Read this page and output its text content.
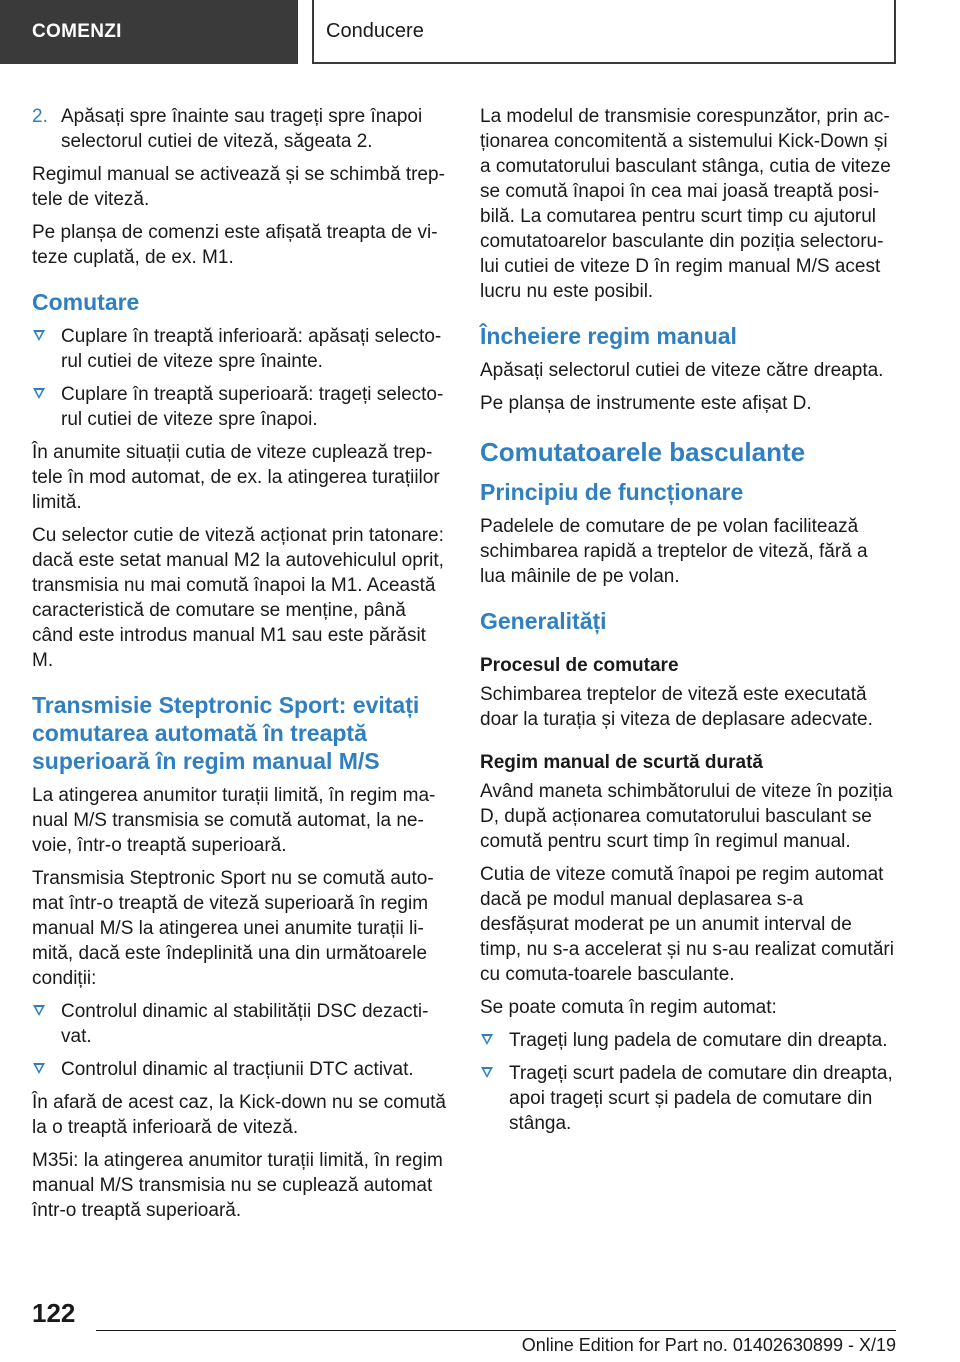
COMENZI	Conducere
2. Apăsați spre înainte sau trageți spre înapoi selectorul cutiei de viteză, săgeata 2.

Regimul manual se activează și se schimbă trep-tele de viteză.

Pe planșa de comenzi este afișată treapta de vi-teze cuplată, de ex. M1.

Comutare
Cuplare în treaptă inferioară: apăsați selecto-rul cutiei de viteze spre înainte.
Cuplare în treaptă superioară: trageți selecto-rul cutiei de viteze spre înapoi.

În anumite situații cutia de viteze cuplează trep-tele în mod automat, de ex. la atingerea turațiilor limită.

Cu selector cutie de viteză acționat prin tatonare: dacă este setat manual M2 la autovehiculul oprit, transmisia nu mai comută înapoi la M1. Această caracteristică de comutare se menține, până când este introdus manual M1 sau este părăsit M.

Transmisie Steptronic Sport: evitați comutarea automată în treaptă superioară în regim manual M/S

La atingerea anumitor turații limită, în regim ma-nual M/S transmisia se comută automat, la ne-voie, într-o treaptă superioară.

Transmisia Steptronic Sport nu se comută auto-mat într-o treaptă de viteză superioară în regim manual M/S la atingerea unei anumite turații li-mită, dacă este îndeplinită una din următoarele condiții:

Controlul dinamic al stabilității DSC dezacti-vat.
Controlul dinamic al tracțiunii DTC activat.

În afară de acest caz, la Kick-down nu se comută la o treaptă inferioară de viteză.

M35i: la atingerea anumitor turații limită, în regim manual M/S transmisia nu se cuplează automat într-o treaptă superioară.

La modelul de transmisie corespunzător, prin ac-ționarea concomitentă a sistemului Kick-Down și a comutatorului basculant stânga, cutia de viteze se comută înapoi în cea mai joasă treaptă posi-bilă. La comutarea pentru scurt timp cu ajutorul comutatoarelor basculante din poziția selectoru-lui cutiei de viteze D în regim manual M/S acest lucru nu este posibil.

Încheiere regim manual

Apăsați selectorul cutiei de viteze către dreapta.

Pe planșa de instrumente este afișat D.

Comutatoarele basculante
Principiu de funcționare

Padelele de comutare de pe volan facilitează schimbarea rapidă a treptelor de viteză, fără a lua mâinile de pe volan.

Generalități
Procesul de comutare

Schimbarea treptelor de viteză este executată doar la turația și viteza de deplasare adecvate.

Regim manual de scurtă durată

Având maneta schimbătorului de viteze în poziția D, după acționarea comutatorului basculant se comută pentru scurt timp în regimul manual.

Cutia de viteze comută înapoi pe regim automat dacă pe modul manual deplasarea s-a desfășurat moderat pe un anumit interval de timp, nu s-a accelerat și nu s-au realizat comutări cu comuta-toarele basculante.

Se poate comuta în regim automat:

Trageți lung padela de comutare din dreapta.
Trageți scurt padela de comutare din dreapta, apoi trageți scurt și padela de comutare din stânga.
122
Online Edition for Part no. 01402630899 - X/19
